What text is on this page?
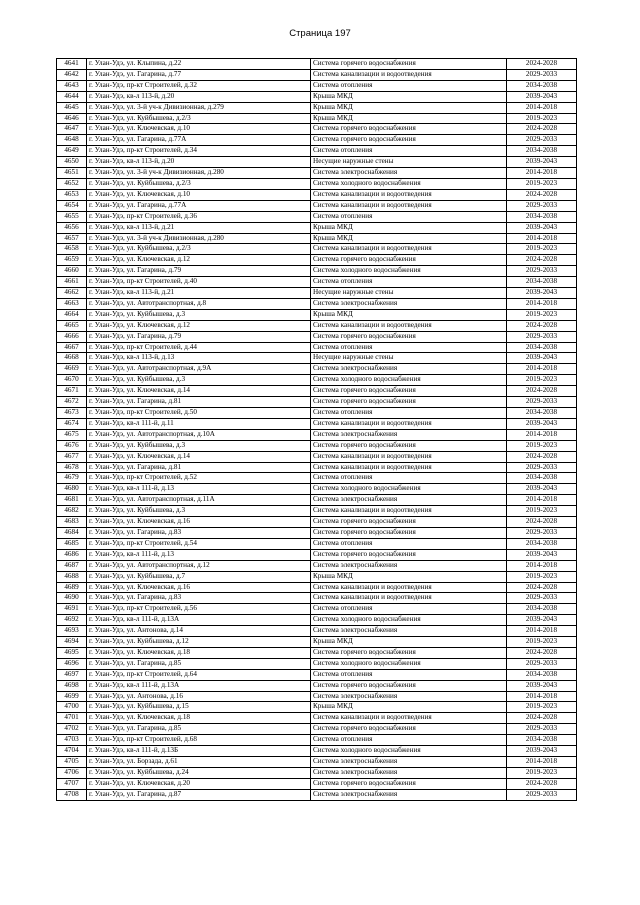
Страница 197
4641	г. Улан-Удэ, ул. Клыпина, д.22	Система горячего водоснабжения	2024-2028
4642	г. Улан-Удэ, ул. Гагарина, д.77	Система канализации и водоотведения	2029-2033
4643	г. Улан-Удэ, пр-кт Строителей, д.32	Система отопления	2034-2038
4644	г. Улан-Удэ, кв-л 113-й, д.20	Крыша МКД	2039-2043
4645	г. Улан-Удэ, ул. 3-й уч-к Дивизионная, д.279	Крыша МКД	2014-2018
4646	г. Улан-Удэ, ул. Куйбышева, д.2/3	Крыша МКД	2019-2023
4647	г. Улан-Удэ, ул. Ключевская, д.10	Система горячего водоснабжения	2024-2028
4648	г. Улан-Удэ, ул. Гагарина, д.77А	Система горячего водоснабжения	2029-2033
4649	г. Улан-Удэ, пр-кт Строителей, д.34	Система отопления	2034-2038
4650	г. Улан-Удэ, кв-л 113-й, д.20	Несущие наружные стены	2039-2043
4651	г. Улан-Удэ, ул. 3-й уч-к Дивизионная, д.280	Система электроснабжения	2014-2018
4652	г. Улан-Удэ, ул. Куйбышева, д.2/3	Система холодного водоснабжения	2019-2023
4653	г. Улан-Удэ, ул. Ключевская, д.10	Система канализации и водоотведения	2024-2028
4654	г. Улан-Удэ, ул. Гагарина, д.77А	Система канализации и водоотведения	2029-2033
4655	г. Улан-Удэ, пр-кт Строителей, д.36	Система отопления	2034-2038
4656	г. Улан-Удэ, кв-л 113-й, д.21	Крыша МКД	2039-2043
4657	г. Улан-Удэ, ул. 3-й уч-к Дивизионная, д.280	Крыша МКД	2014-2018
4658	г. Улан-Удэ, ул. Куйбышева, д.2/3	Система канализации и водоотведения	2019-2023
4659	г. Улан-Удэ, ул. Ключевская, д.12	Система горячего водоснабжения	2024-2028
4660	г. Улан-Удэ, ул. Гагарина, д.79	Система холодного водоснабжения	2029-2033
4661	г. Улан-Удэ, пр-кт Строителей, д.40	Система отопления	2034-2038
4662	г. Улан-Удэ, кв-л 113-й, д.21	Несущие наружные стены	2039-2043
4663	г. Улан-Удэ, ул. Автотранспортная, д.8	Система электроснабжения	2014-2018
4664	г. Улан-Удэ, ул. Куйбышева, д.3	Крыша МКД	2019-2023
4665	г. Улан-Удэ, ул. Ключевская, д.12	Система канализации и водоотведения	2024-2028
4666	г. Улан-Удэ, ул. Гагарина, д.79	Система горячего водоснабжения	2029-2033
4667	г. Улан-Удэ, пр-кт Строителей, д.44	Система отопления	2034-2038
4668	г. Улан-Удэ, кв-л 113-й, д.13	Несущие наружные стены	2039-2043
4669	г. Улан-Удэ, ул. Автотранспортная, д.9А	Система электроснабжения	2014-2018
4670	г. Улан-Удэ, ул. Куйбышева, д.3	Система холодного водоснабжения	2019-2023
4671	г. Улан-Удэ, ул. Ключевская, д.14	Система горячего водоснабжения	2024-2028
4672	г. Улан-Удэ, ул. Гагарина, д.81	Система горячего водоснабжения	2029-2033
4673	г. Улан-Удэ, пр-кт Строителей, д.50	Система отопления	2034-2038
4674	г. Улан-Удэ, кв-л 111-й, д.11	Система канализации и водоотведения	2039-2043
4675	г. Улан-Удэ, ул. Автотранспортная, д.10А	Система электроснабжения	2014-2018
4676	г. Улан-Удэ, ул. Куйбышева, д.3	Система горячего водоснабжения	2019-2023
4677	г. Улан-Удэ, ул. Ключевская, д.14	Система канализации и водоотведения	2024-2028
4678	г. Улан-Удэ, ул. Гагарина, д.81	Система канализации и водоотведения	2029-2033
4679	г. Улан-Удэ, пр-кт Строителей, д.52	Система отопления	2034-2038
4680	г. Улан-Удэ, кв-л 111-й, д.13	Система холодного водоснабжения	2039-2043
4681	г. Улан-Удэ, ул. Автотранспортная, д.11А	Система электроснабжения	2014-2018
4682	г. Улан-Удэ, ул. Куйбышева, д.3	Система канализации и водоотведения	2019-2023
4683	г. Улан-Удэ, ул. Ключевская, д.16	Система горячего водоснабжения	2024-2028
4684	г. Улан-Удэ, ул. Гагарина, д.83	Система горячего водоснабжения	2029-2033
4685	г. Улан-Удэ, пр-кт Строителей, д.54	Система отопления	2034-2038
4686	г. Улан-Удэ, кв-л 111-й, д.13	Система горячего водоснабжения	2039-2043
4687	г. Улан-Удэ, ул. Автотранспортная, д.12	Система электроснабжения	2014-2018
4688	г. Улан-Удэ, ул. Куйбышева, д.7	Крыша МКД	2019-2023
4689	г. Улан-Удэ, ул. Ключевская, д.16	Система канализации и водоотведения	2024-2028
4690	г. Улан-Удэ, ул. Гагарина, д.83	Система канализации и водоотведения	2029-2033
4691	г. Улан-Удэ, пр-кт Строителей, д.56	Система отопления	2034-2038
4692	г. Улан-Удэ, кв-л 111-й, д.13А	Система холодного водоснабжения	2039-2043
4693	г. Улан-Удэ, ул. Антонова, д.14	Система электроснабжения	2014-2018
4694	г. Улан-Удэ, ул. Куйбышева, д.12	Крыша МКД	2019-2023
4695	г. Улан-Удэ, ул. Ключевская, д.18	Система горячего водоснабжения	2024-2028
4696	г. Улан-Удэ, ул. Гагарина, д.85	Система холодного водоснабжения	2029-2033
4697	г. Улан-Удэ, пр-кт Строителей, д.64	Система отопления	2034-2038
4698	г. Улан-Удэ, кв-л 111-й, д.13А	Система горячего водоснабжения	2039-2043
4699	г. Улан-Удэ, ул. Антонова, д.16	Система электроснабжения	2014-2018
4700	г. Улан-Удэ, ул. Куйбышева, д.15	Крыша МКД	2019-2023
4701	г. Улан-Удэ, ул. Ключевская, д.18	Система канализации и водоотведения	2024-2028
4702	г. Улан-Удэ, ул. Гагарина, д.85	Система горячего водоснабжения	2029-2033
4703	г. Улан-Удэ, пр-кт Строителей, д.68	Система отопления	2034-2038
4704	г. Улан-Удэ, кв-л 111-й, д.13Б	Система холодного водоснабжения	2039-2043
4705	г. Улан-Удэ, ул. Борзада, д.61	Система электроснабжения	2014-2018
4706	г. Улан-Удэ, ул. Куйбышева, д.24	Система электроснабжения	2019-2023
4707	г. Улан-Удэ, ул. Ключевская, д.20	Система горячего водоснабжения	2024-2028
4708	г. Улан-Удэ, ул. Гагарина, д.87	Система электроснабжения	2029-2033
